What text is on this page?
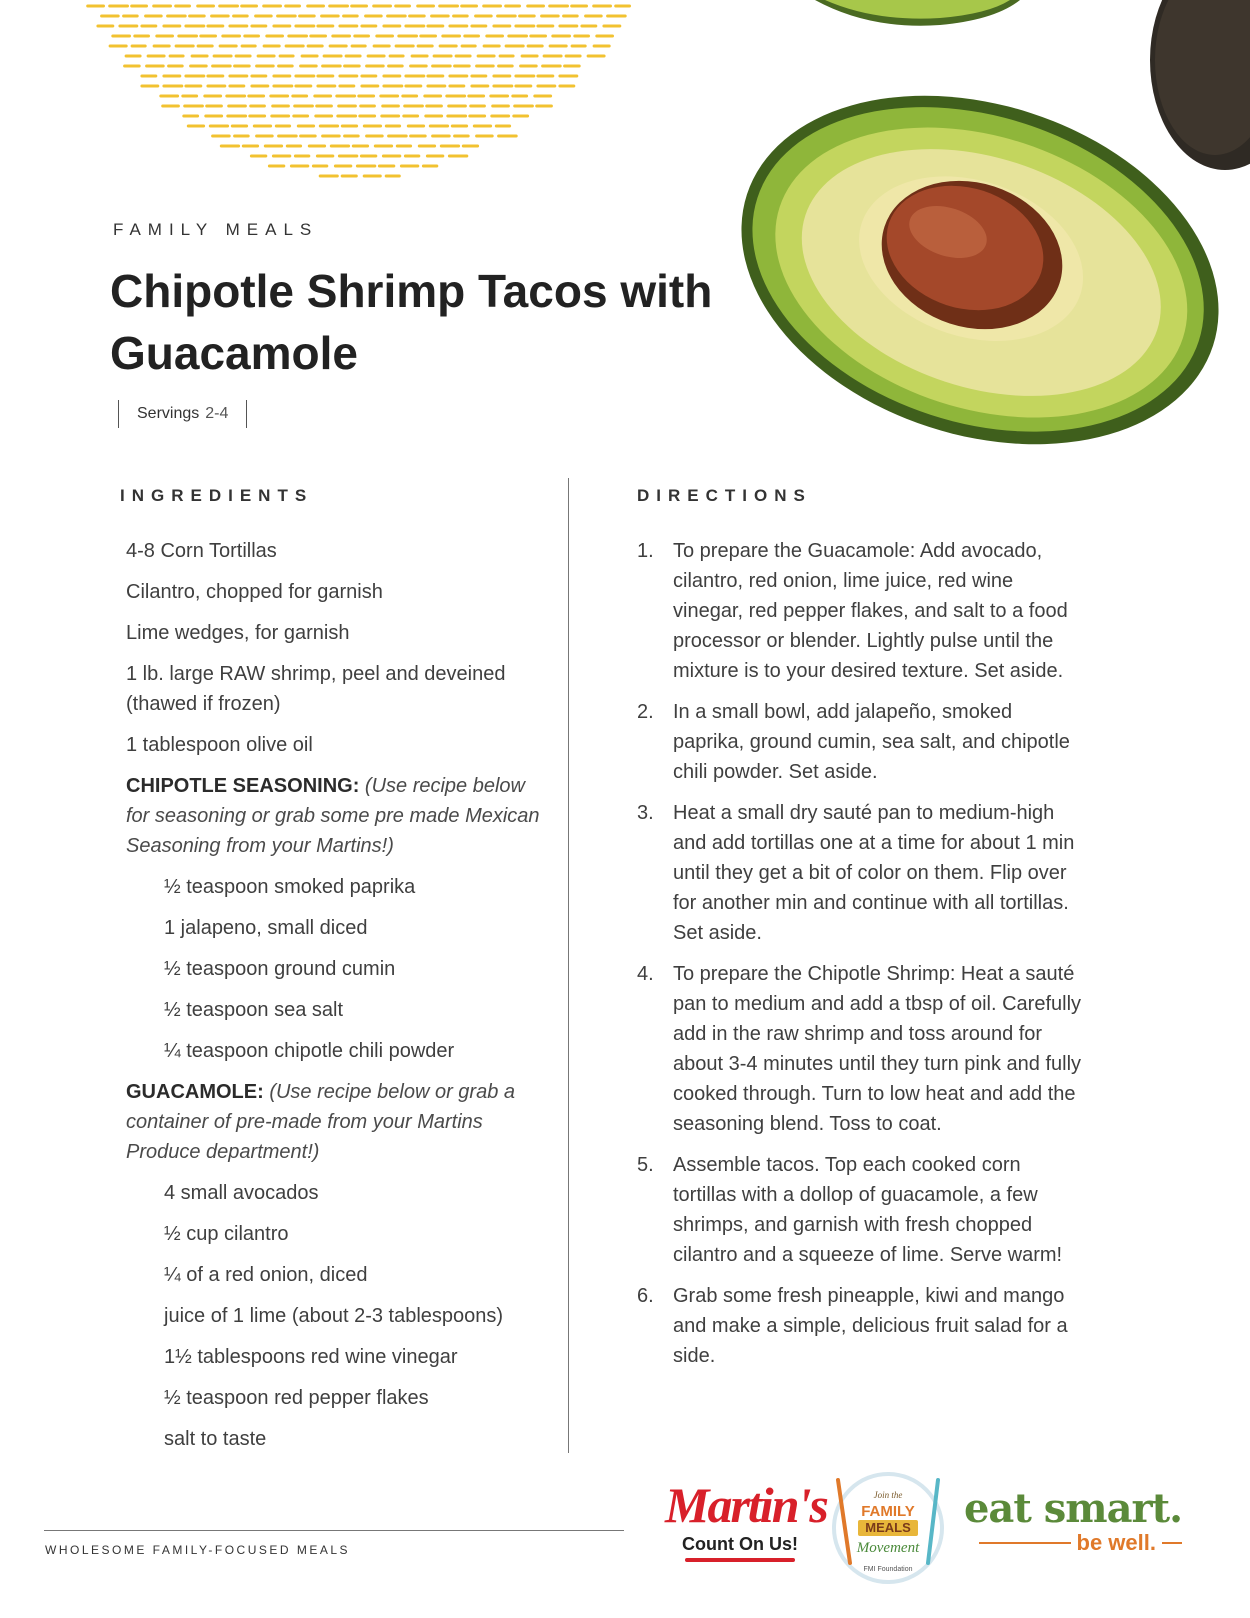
FAMILY MEALS
Chipotle Shrimp Tacos with Guacamole
Servings 2-4
INGREDIENTS	DIRECTIONS
4-8 Corn Tortillas
Cilantro, chopped for garnish
Lime wedges, for garnish
1 lb. large RAW shrimp, peel and deveined (thawed if frozen)
1 tablespoon olive oil
CHIPOTLE SEASONING: (Use recipe below for seasoning or grab some pre made Mexican Seasoning from your Martins!)
½ teaspoon smoked paprika
1 jalapeno, small diced
½ teaspoon ground cumin
½ teaspoon sea salt
¼ teaspoon chipotle chili powder
GUACAMOLE: (Use recipe below or grab a container of pre-made from your Martins Produce department!)
4 small avocados
½ cup cilantro
¼ of a red onion, diced
juice of 1 lime (about 2-3 tablespoons)
1½ tablespoons red wine vinegar
½ teaspoon red pepper flakes
salt to taste
1. To prepare the Guacamole: Add avocado, cilantro, red onion, lime juice, red wine vinegar, red pepper flakes, and salt to a food processor or blender. Lightly pulse until the mixture is to your desired texture. Set aside.
2. In a small bowl, add jalapeño, smoked paprika, ground cumin, sea salt, and chipotle chili powder. Set aside.
3. Heat a small dry sauté pan to medium-high and add tortillas one at a time for about 1 min until they get a bit of color on them. Flip over for another min and continue with all tortillas. Set aside.
4. To prepare the Chipotle Shrimp: Heat a sauté pan to medium and add a tbsp of oil. Carefully add in the raw shrimp and toss around for about 3-4 minutes until they turn pink and fully cooked through. Turn to low heat and add the seasoning blend. Toss to coat.
5. Assemble tacos. Top each cooked corn tortillas with a dollop of guacamole, a few shrimps, and garnish with fresh chopped cilantro and a squeeze of lime. Serve warm!
6. Grab some fresh pineapple, kiwi and mango and make a simple, delicious fruit salad for a side.
WHOLESOME FAMILY-FOCUSED MEALS
Martin's
Count On Us!
Join the
FAMILY
MEALS
Movement
FMI Foundation
eat smart.
be well.
